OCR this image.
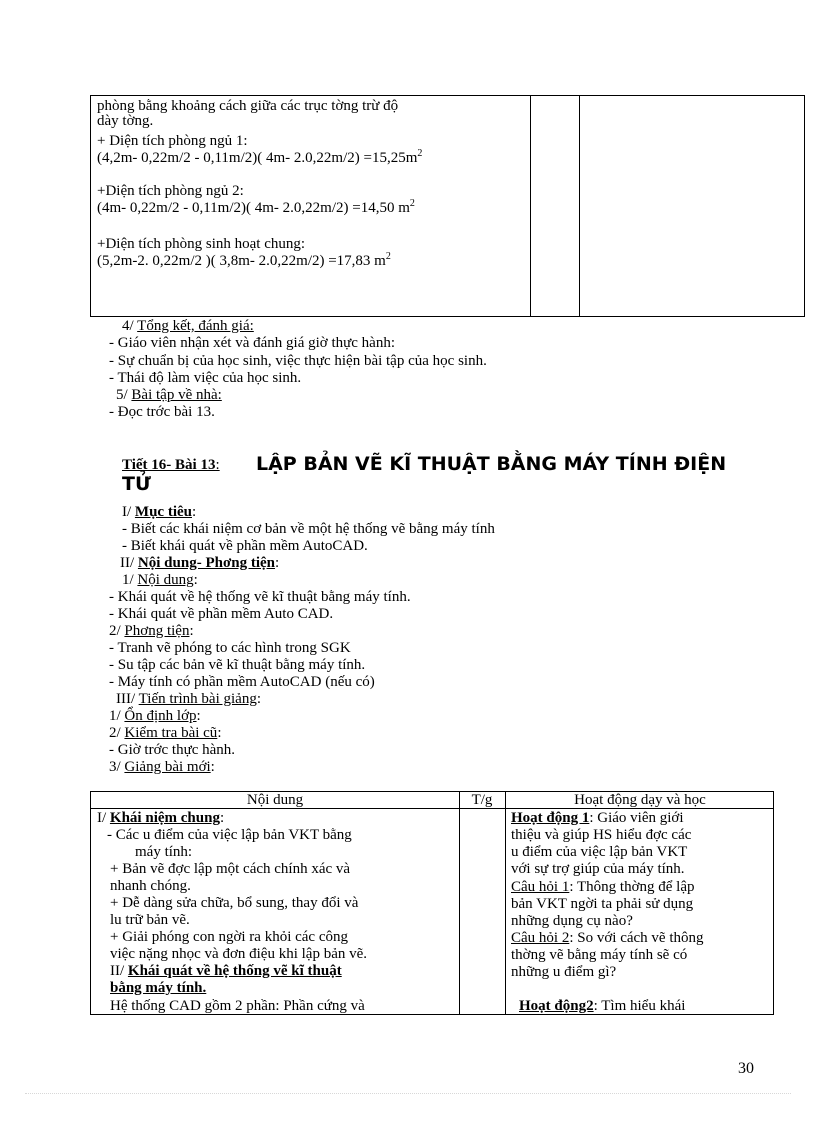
phòng bằng khoảng cách giữa các trục tờng trừ độ
dày tờng.
+ Diện tích phòng ngủ 1:
(4,2m- 0,22m/2 - 0,11m/2)( 4m- $2.0,22m/2) =15,25m^2$
+Diện tích phòng ngủ 2:
(4m- 0,22m/2 - 0,11m/2)( 4m- 2.0,22m/2) =14,50 $m^2$
+Diện tích phòng sinh hoạt chung:
(5,2m-2. 0,22m/2 )( 3,8m- 2.0,22m/2) =17,83 $m^2$
4/ Tổng kết, đánh giá:
- Giáo viên nhận xét và đánh giá giờ thực hành:
- Sự chuẩn bị của học sinh, việc thực hiện bài tập của học sinh.
- Thái độ làm việc của học sinh.
5/ Bài tập về nhà:
- Đọc trớc bài 13.
Tiết 16- Bài 13: LẬP BẢN VẼ KĨ THUẬT BẰNG MÁY TÍNH ĐIỆN
TỬ
I/ Mục tiêu:
- Biết các khái niệm cơ bản về một hệ thống vẽ bằng máy tính
- Biết khái quát về phần mềm AutoCAD.
II/ Nội dung- Phơng tiện:
1/ Nội dung:
- Khái quát về hệ thống vẽ kĩ thuật bằng máy tính.
- Khái quát về phần mềm Auto CAD.
2/ Phơng tiện:
- Tranh vẽ phóng to các hình trong SGK
- Su tập các bản vẽ kĩ thuật bằng máy tính.
- Máy tính có phần mềm AutoCAD (nếu có)
III/ Tiến trình bài giảng:
1/ Ổn định lớp:
2/ Kiểm tra bài cũ:
- Giờ trớc thực hành.
3/ Giảng bài mới:
Nội dung	T/g	Hoạt động dạy và học
I/ Khái niệm chung:
- Các u điểm của việc lập bản VKT bằng
máy tính:
+ Bản vẽ đợc lập một cách chính xác và
nhanh chóng.
+ Dễ dàng sửa chữa, bổ sung, thay đổi và
lu trữ bản vẽ.
+ Giải phóng con ngời ra khỏi các công
việc nặng nhọc và đơn điệu khi lập bản vẽ.
II/ Khái quát về hệ thống vẽ kĩ thuật
bằng máy tính.
Hệ thống CAD gồm 2 phần: Phần cứng và
Hoạt động 1: Giáo viên giới
thiệu và giúp HS hiểu đợc các
u điểm của việc lập bản VKT
với sự trợ giúp của máy tính.
Câu hỏi 1: Thông thờng để lập
bản VKT ngời ta phải sử dụng
những dụng cụ nào?
Câu hỏi 2: So với cách vẽ thông
thờng vẽ bằng máy tính sẽ có
những u điểm gì?
Hoạt động2: Tìm hiểu khái
30
